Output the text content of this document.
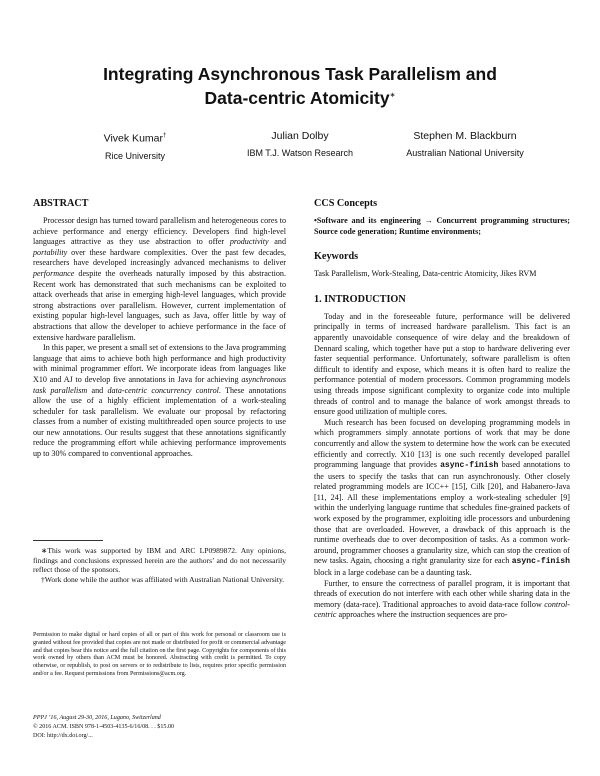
Integrating Asynchronous Task Parallelism and
Data-centric Atomicity∗
Vivek Kumar†
Rice University
Julian Dolby
IBM T.J. Watson Research
Stephen M. Blackburn
Australian National University
ABSTRACT

Processor design has turned toward parallelism and heterogeneous cores to achieve performance and energy efficiency. Developers find high-level languages attractive as they use abstraction to offer productivity and portability over these hardware complexities. Over the past few decades, researchers have developed increasingly advanced mechanisms to deliver performance despite the overheads naturally imposed by this abstraction. Recent work has demonstrated that such mechanisms can be exploited to attack overheads that arise in emerging high-level languages, which provide strong abstractions over parallelism. However, current implementation of existing popular high-level languages, such as Java, offer little by way of abstractions that allow the developer to achieve performance in the face of extensive hardware parallelism.

In this paper, we present a small set of extensions to the Java programming language that aims to achieve both high performance and high productivity with minimal programmer effort. We incorporate ideas from languages like X10 and AJ to develop five annotations in Java for achieving asynchronous task parallelism and data-centric concurrency control. These annotations allow the use of a highly efficient implementation of a work-stealing scheduler for task parallelism. We evaluate our proposal by refactoring classes from a number of existing multithreaded open source projects to use our new annotations. Our results suggest that these annotations significantly reduce the programming effort while achieving performance improvements up to 30% compared to conventional approaches.

∗This work was supported by IBM and ARC LP0989872. Any opinions, findings and conclusions expressed herein are the authors’ and do not necessarily reflect those of the sponsors.

†Work done while the author was affiliated with Australian National University.

Permission to make digital or hard copies of all or part of this work for personal or classroom use is granted without fee provided that copies are not made or distributed for profit or commercial advantage and that copies bear this notice and the full citation on the first page. Copyrights for components of this work owned by others than ACM must be honored. Abstracting with credit is permitted. To copy otherwise, or republish, to post on servers or to redistribute to lists, requires prior specific permission and/or a fee. Request permissions from Permissions@acm.org.
PPPJ ’16, August 29-30, 2016, Lugano, Switzerland
© 2016 ACM. ISBN 978-1-4503-4135-6/16/08. . . $15.00
DOI: http://dx.doi.org/...
CCS Concepts

•Software and its engineering → Concurrent programming structures; Source code generation; Runtime environments;

Keywords

Task Parallelism, Work-Stealing, Data-centric Atomicity, Jikes RVM

1. INTRODUCTION

Today and in the foreseeable future, performance will be delivered principally in terms of increased hardware parallelism. This fact is an apparently unavoidable consequence of wire delay and the breakdown of Dennard scaling, which together have put a stop to hardware delivering ever faster sequential performance. Unfortunately, software parallelism is often difficult to identify and expose, which means it is often hard to realize the performance potential of modern processors. Common programming models using threads impose significant complexity to organize code into multiple threads of control and to manage the balance of work amongst threads to ensure good utilization of multiple cores.

Much research has been focused on developing programming models in which programmers simply annotate portions of work that may be done concurrently and allow the system to determine how the work can be executed efficiently and correctly. X10 [13] is one such recently developed parallel programming language that provides async-finish based annotations to the users to specify the tasks that can run asynchronously. Other closely related programming models are ICC++ [15], Cilk [20], and Habanero-Java [11, 24]. All these implementations employ a work-stealing scheduler [9] within the underlying language runtime that schedules fine-grained packets of work exposed by the programmer, exploiting idle processors and unburdening those that are overloaded. However, a drawback of this approach is the runtime overheads due to over decomposition of tasks. As a common work-around, programmer chooses a granularity size, which can stop the creation of new tasks. Again, choosing a right granularity size for each async-finish block in a large codebase can be a daunting task.

Further, to ensure the correctness of parallel program, it is important that threads of execution do not interfere with each other while sharing data in the memory (data-race). Traditional approaches to avoid data-race follow control-centric approaches where the instruction sequences are pro-
